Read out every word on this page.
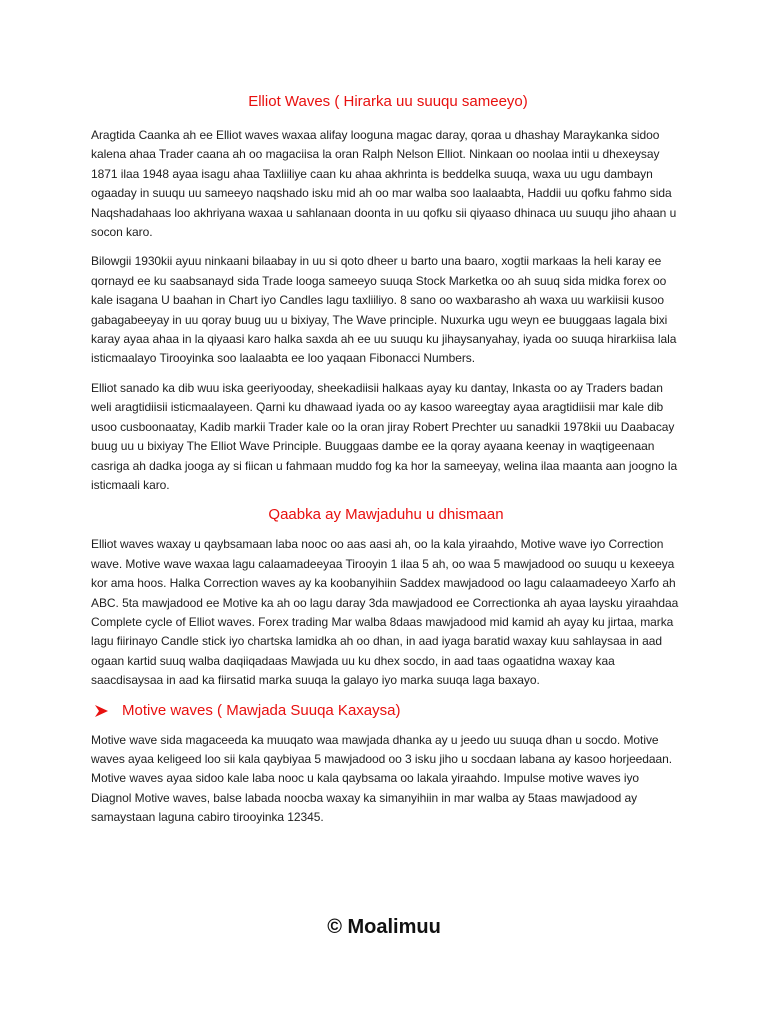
Elliot Waves ( Hirarka uu suuqu sameeyo)

Aragtida Caanka ah ee Elliot waves waxaa alifay looguna magac daray, qoraa u dhashay Maraykanka sidoo kalena ahaa Trader caana ah oo magaciisa la oran Ralph Nelson Elliot. Ninkaan oo noolaa intii u dhexeysay 1871 ilaa 1948 ayaa isagu ahaa Taxliiliye caan ku ahaa akhrinta is beddelka suuqa, waxa uu ugu dambayn ogaaday in suuqu uu sameeyo naqshado isku mid ah oo mar walba soo laalaabta, Haddii uu qofku fahmo sida Naqshadahaas loo akhriyana waxaa u sahlanaan doonta in uu qofku sii qiyaaso dhinaca uu suuqu jiho ahaan u socon karo.

Bilowgii 1930kii ayuu ninkaani bilaabay in uu si qoto dheer u barto una baaro, xogtii markaas la heli karay ee qornayd ee ku saabsanayd sida Trade looga sameeyo suuqa Stock Marketka oo ah suuq sida midka forex oo kale isagana U baahan in Chart iyo Candles lagu taxliiliyo. 8 sano oo waxbarasho ah waxa uu warkiisii kusoo gabagabeeyay in uu qoray buug uu u bixiyay, The Wave principle. Nuxurka ugu weyn ee buuggaas lagala bixi karay ayaa ahaa in la qiyaasi karo halka saxda ah ee uu suuqu ku jihaysanyahay, iyada oo suuqa hirarkiisa lala isticmaalayo Tirooyinka soo laalaabta ee loo yaqaan Fibonacci Numbers.

Elliot sanado ka dib wuu iska geeriyooday, sheekadiisii halkaas ayay ku dantay, Inkasta oo ay Traders badan weli aragtidiisii isticmaalayeen. Qarni ku dhawaad iyada oo ay kasoo wareegtay ayaa aragtidiisii mar kale dib usoo cusboonaatay, Kadib markii Trader kale oo la oran jiray Robert Prechter uu sanadkii 1978kii uu Daabacay buug uu u bixiyay The Elliot Wave Principle. Buuggaas dambe ee la qoray ayaana keenay in waqtigeenaan casriga ah dadka jooga ay si fiican u fahmaan muddo fog ka hor la sameeyay, welina ilaa maanta aan joogno la isticmaali karo.

Qaabka ay Mawjaduhu u dhismaan

Elliot waves waxay u qaybsamaan laba nooc oo aas aasi ah, oo la kala yiraahdo, Motive wave iyo Correction wave. Motive wave waxaa lagu calaamadeeyaa Tirooyin 1 ilaa 5 ah, oo waa 5 mawjadood oo suuqu u kexeeya kor ama hoos. Halka Correction waves ay ka koobanyihiin Saddex mawjadood oo lagu calaamadeeyo Xarfo ah ABC. 5ta mawjadood ee Motive ka ah oo lagu daray 3da mawjadood ee Correctionka ah ayaa laysku yiraahdaa Complete cycle of Elliot waves. Forex trading Mar walba 8daas mawjadood mid kamid ah ayay ku jirtaa, marka lagu fiirinayo Candle stick iyo chartska lamidka ah oo dhan, in aad iyaga baratid waxay kuu sahlaysaa in aad ogaan kartid suuq walba daqiiqadaas Mawjada uu ku dhex socdo, in aad taas ogaatidna waxay kaa saacdisaysaa in aad ka fiirsatid marka suuqa la galayo iyo marka suuqa laga baxayo.

Motive waves ( Mawjada Suuqa Kaxaysa)

Motive wave sida magaceeda ka muuqato waa mawjada dhanka ay u jeedo uu suuqa dhan u socdo. Motive waves ayaa keligeed loo sii kala qaybiyaa 5 mawjadood oo 3 isku jiho u socdaan labana ay kasoo horjeedaan. Motive waves ayaa sidoo kale laba nooc u kala qaybsama oo lakala yiraahdo. Impulse motive waves iyo Diagnol Motive waves, balse labada noocba waxay ka simanyihiin in mar walba ay 5taas mawjadood ay samaystaan laguna cabiro tirooyinka 12345.

© Moalimuu
